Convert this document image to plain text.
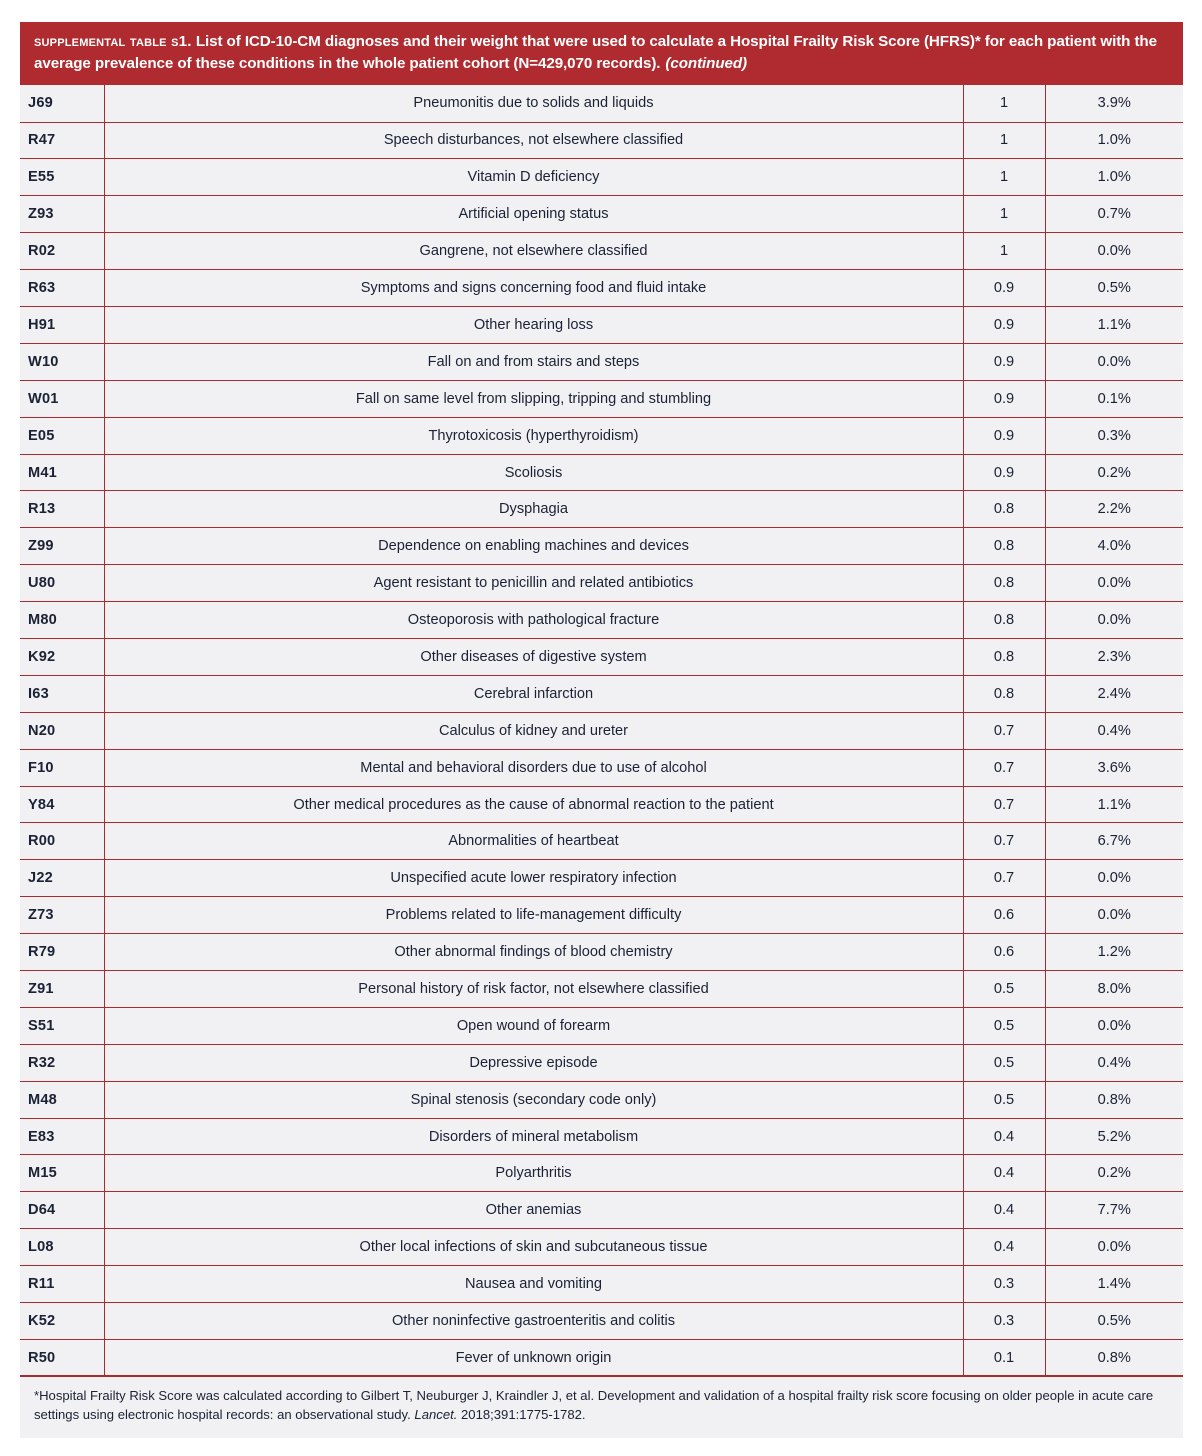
supplemental table s1. List of ICD-10-CM diagnoses and their weight that were used to calculate a Hospital Frailty Risk Score (HFRS)* for each patient with the average prevalence of these conditions in the whole patient cohort (N=429,070 records). (continued)
J69	Pneumonitis due to solids and liquids	1	3.9%
R47	Speech disturbances, not elsewhere classified	1	1.0%
E55	Vitamin D deficiency	1	1.0%
Z93	Artificial opening status	1	0.7%
R02	Gangrene, not elsewhere classified	1	0.0%
R63	Symptoms and signs concerning food and fluid intake	0.9	0.5%
H91	Other hearing loss	0.9	1.1%
W10	Fall on and from stairs and steps	0.9	0.0%
W01	Fall on same level from slipping, tripping and stumbling	0.9	0.1%
E05	Thyrotoxicosis (hyperthyroidism)	0.9	0.3%
M41	Scoliosis	0.9	0.2%
R13	Dysphagia	0.8	2.2%
Z99	Dependence on enabling machines and devices	0.8	4.0%
U80	Agent resistant to penicillin and related antibiotics	0.8	0.0%
M80	Osteoporosis with pathological fracture	0.8	0.0%
K92	Other diseases of digestive system	0.8	2.3%
I63	Cerebral infarction	0.8	2.4%
N20	Calculus of kidney and ureter	0.7	0.4%
F10	Mental and behavioral disorders due to use of alcohol	0.7	3.6%
Y84	Other medical procedures as the cause of abnormal reaction to the patient	0.7	1.1%
R00	Abnormalities of heartbeat	0.7	6.7%
J22	Unspecified acute lower respiratory infection	0.7	0.0%
Z73	Problems related to life-management difficulty	0.6	0.0%
R79	Other abnormal findings of blood chemistry	0.6	1.2%
Z91	Personal history of risk factor, not elsewhere classified	0.5	8.0%
S51	Open wound of forearm	0.5	0.0%
R32	Depressive episode	0.5	0.4%
M48	Spinal stenosis (secondary code only)	0.5	0.8%
E83	Disorders of mineral metabolism	0.4	5.2%
M15	Polyarthritis	0.4	0.2%
D64	Other anemias	0.4	7.7%
L08	Other local infections of skin and subcutaneous tissue	0.4	0.0%
R11	Nausea and vomiting	0.3	1.4%
K52	Other noninfective gastroenteritis and colitis	0.3	0.5%
R50	Fever of unknown origin	0.1	0.8%
*Hospital Frailty Risk Score was calculated according to Gilbert T, Neuburger J, Kraindler J, et al. Development and validation of a hospital frailty risk score focusing on older people in acute care settings using electronic hospital records: an observational study. Lancet. 2018;391:1775-1782.
